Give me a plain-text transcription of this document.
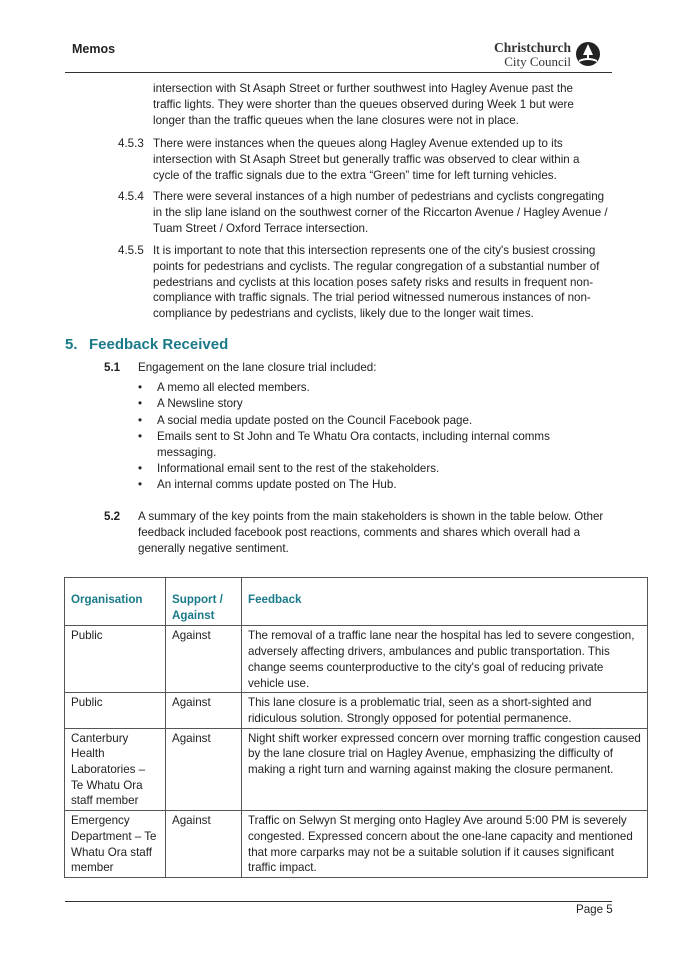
Memos	Christchurch
City Council
intersection with St Asaph Street or further southwest into Hagley Avenue past the traffic lights. They were shorter than the queues observed during Week 1 but were longer than the traffic queues when the lane closures were not in place.
4.5.3 There were instances when the queues along Hagley Avenue extended up to its intersection with St Asaph Street but generally traffic was observed to clear within a cycle of the traffic signals due to the extra “Green” time for left turning vehicles.
4.5.4 There were several instances of a high number of pedestrians and cyclists congregating in the slip lane island on the southwest corner of the Riccarton Avenue / Hagley Avenue / Tuam Street / Oxford Terrace intersection.
4.5.5 It is important to note that this intersection represents one of the city's busiest crossing points for pedestrians and cyclists. The regular congregation of a substantial number of pedestrians and cyclists at this location poses safety risks and results in frequent non-compliance with traffic signals. The trial period witnessed numerous instances of non-compliance by pedestrians and cyclists, likely due to the longer wait times.
5. Feedback Received
5.1 Engagement on the lane closure trial included:
• A memo all elected members.
• A Newsline story
• A social media update posted on the Council Facebook page.
• Emails sent to St John and Te Whatu Ora contacts, including internal comms messaging.
• Informational email sent to the rest of the stakeholders.
• An internal comms update posted on The Hub.
5.2 A summary of the key points from the main stakeholders is shown in the table below. Other feedback included facebook post reactions, comments and shares which overall had a generally negative sentiment.
Organisation	Support / Against	Feedback
Public	Against	The removal of a traffic lane near the hospital has led to severe congestion, adversely affecting drivers, ambulances and public transportation. This change seems counterproductive to the city's goal of reducing private vehicle use.
Public	Against	This lane closure is a problematic trial, seen as a short-sighted and ridiculous solution. Strongly opposed for potential permanence.
Canterbury Health Laboratories – Te Whatu Ora staff member	Against	Night shift worker expressed concern over morning traffic congestion caused by the lane closure trial on Hagley Avenue, emphasizing the difficulty of making a right turn and warning against making the closure permanent.
Emergency Department – Te Whatu Ora staff member	Against	Traffic on Selwyn St merging onto Hagley Ave around 5:00 PM is severely congested. Expressed concern about the one-lane capacity and mentioned that more carparks may not be a suitable solution if it causes significant traffic impact.
Page 5
